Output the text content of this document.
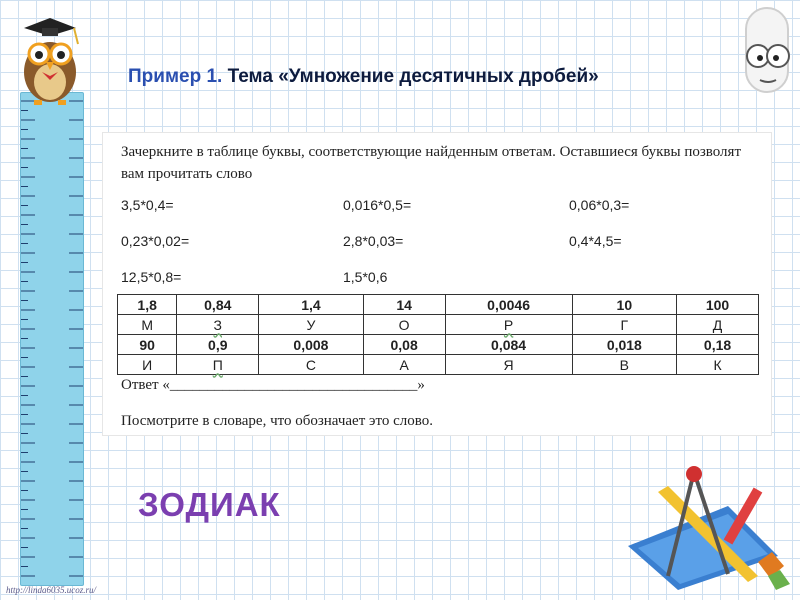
Пример 1. Тема «Умножение десятичных дробей»
Зачеркните в таблице буквы, соответствующие найденным ответам. Оставшиеся буквы позволят вам прочитать слово
3,5*0,4=	0,016*0,5=	0,06*0,3=
0,23*0,02=	2,8*0,03=	0,4*4,5=
12,5*0,8=	1,5*0,6
1,8	0,84	1,4	14	0,0046	10	100
М	З	У	О	Р	Г	Д
90	0,9	0,008	0,08	0,084	0,018	0,18
И	П	С	А	Я	В	К
Ответ «_________________________________»
Посмотрите в словаре, что обозначает это слово.
ЗОДИАК
http://linda6035.ucoz.ru/
